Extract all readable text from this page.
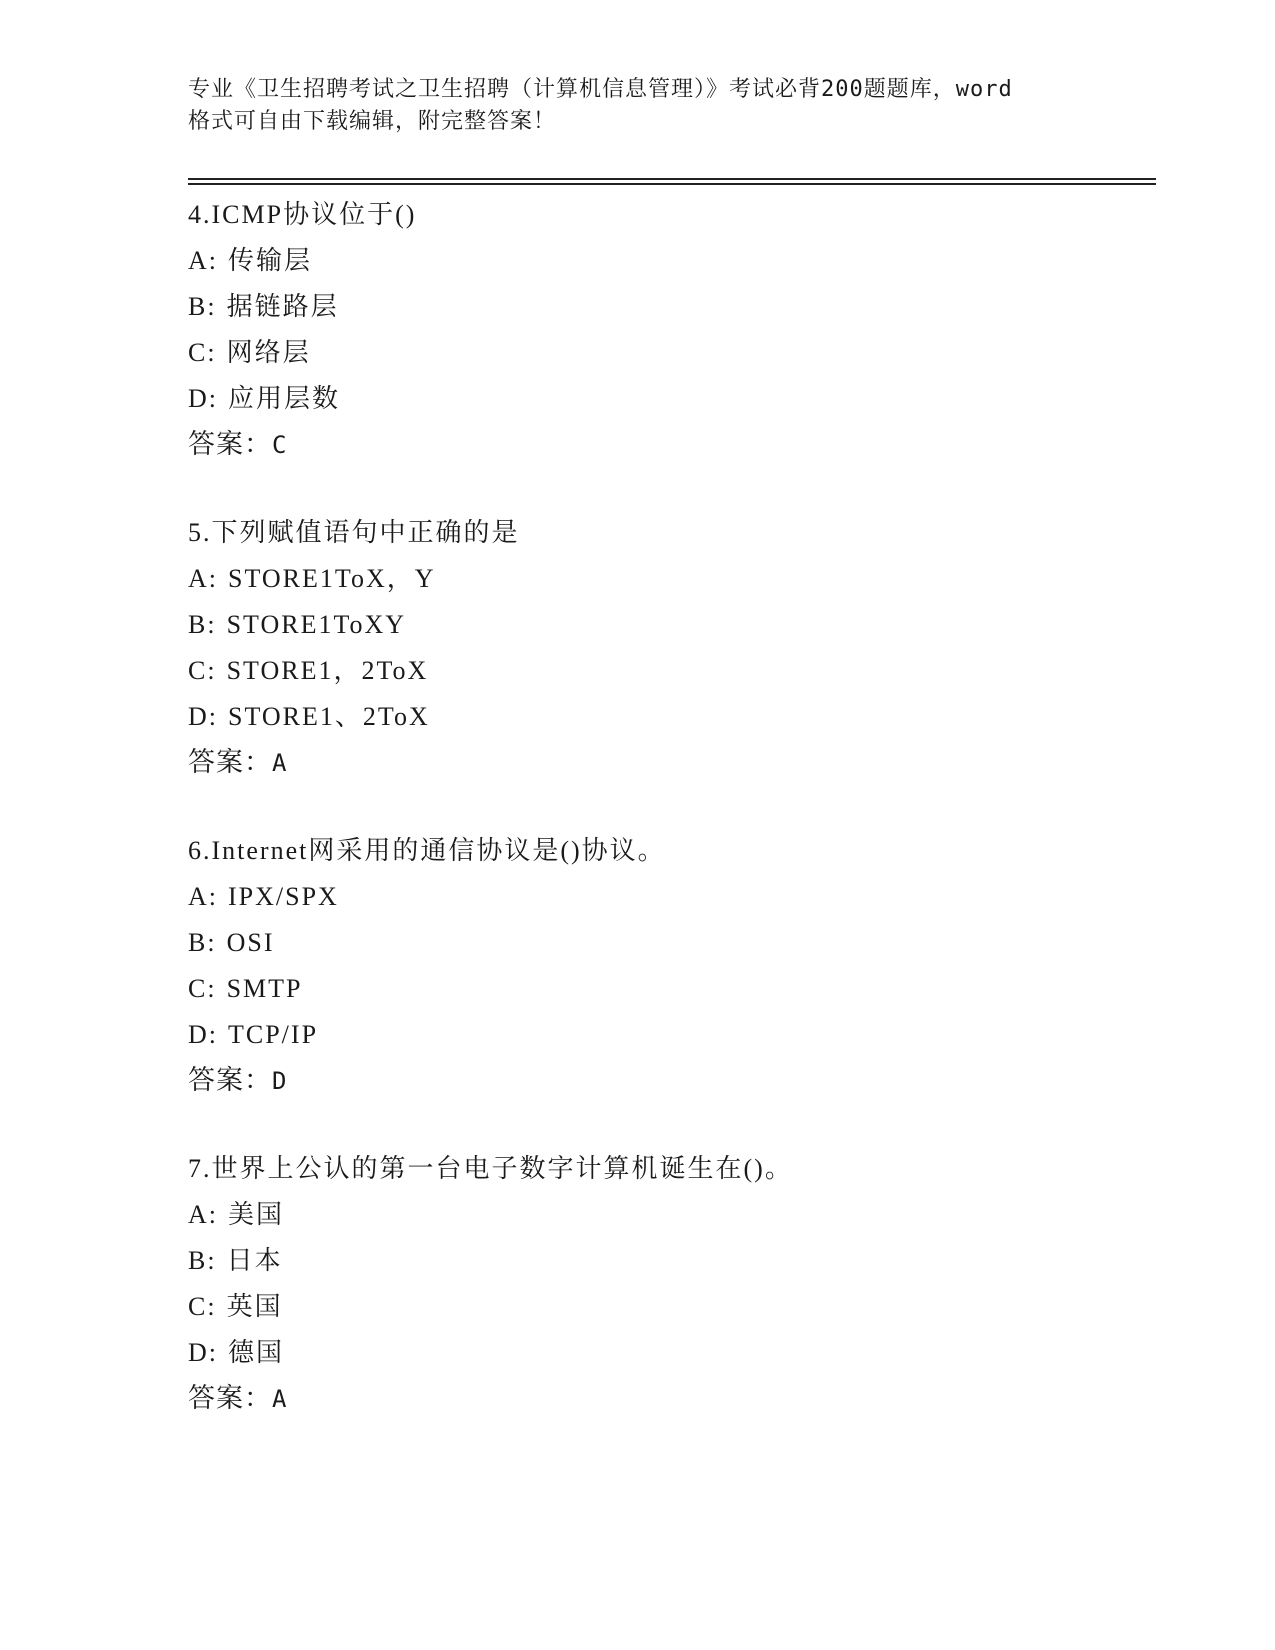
专业《卫生招聘考试之卫生招聘（计算机信息管理）》考试必背200题题库，word

格式可自由下载编辑，附完整答案！

4.ICMP协议位于()
A: 传输层
B: 据链路层
C: 网络层
D: 应用层数
答案：C
5.下列赋值语句中正确的是
A: STORE1ToX，Y
B: STORE1ToXY
C: STORE1，2ToX
D: STORE1、2ToX
答案：A
6.Internet网采用的通信协议是()协议。
A: IPX/SPX
B: OSI
C: SMTP
D: TCP/IP
答案：D
7.世界上公认的第一台电子数字计算机诞生在()。
A: 美国
B: 日本
C: 英国
D: 德国
答案：A
